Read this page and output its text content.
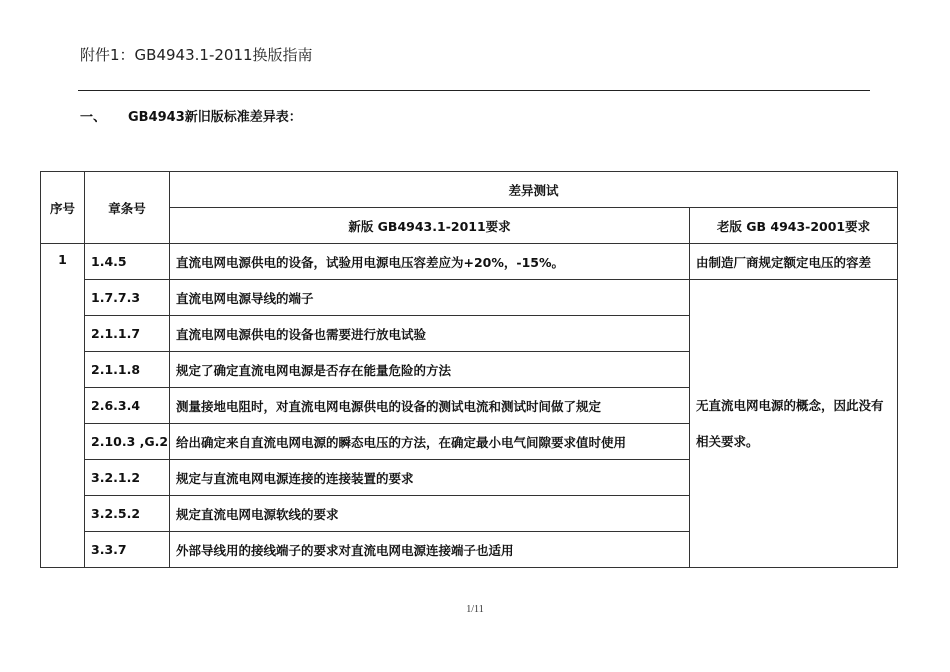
附件1：GB4943.1-2011换版指南
一、 GB4943新旧版标准差异表：
序号	章条号	差异测试	
		新版 GB4943.1-2011要求	老版 GB 4943-2001要求
1	1.4.5	直流电网电源供电的设备，试验用电源电压容差应为+20%，-15%。	由制造厂商规定额定电压的容差
	1.7.7.3	直流电网电源导线的端子	无直流电网电源的概念，因此没有相关要求。
	2.1.1.7	直流电网电源供电的设备也需要进行放电试验	
	2.1.1.8	规定了确定直流电网电源是否存在能量危险的方法	
	2.6.3.4	测量接地电阻时，对直流电网电源供电的设备的测试电流和测试时间做了规定	
	2.10.3 ,G.2	给出确定来自直流电网电源的瞬态电压的方法，在确定最小电气间隙要求值时使用	
	3.2.1.2	规定与直流电网电源连接的连接装置的要求	
	3.2.5.2	规定直流电网电源软线的要求	
	3.3.7	外部导线用的接线端子的要求对直流电网电源连接端子也适用	
1/11
